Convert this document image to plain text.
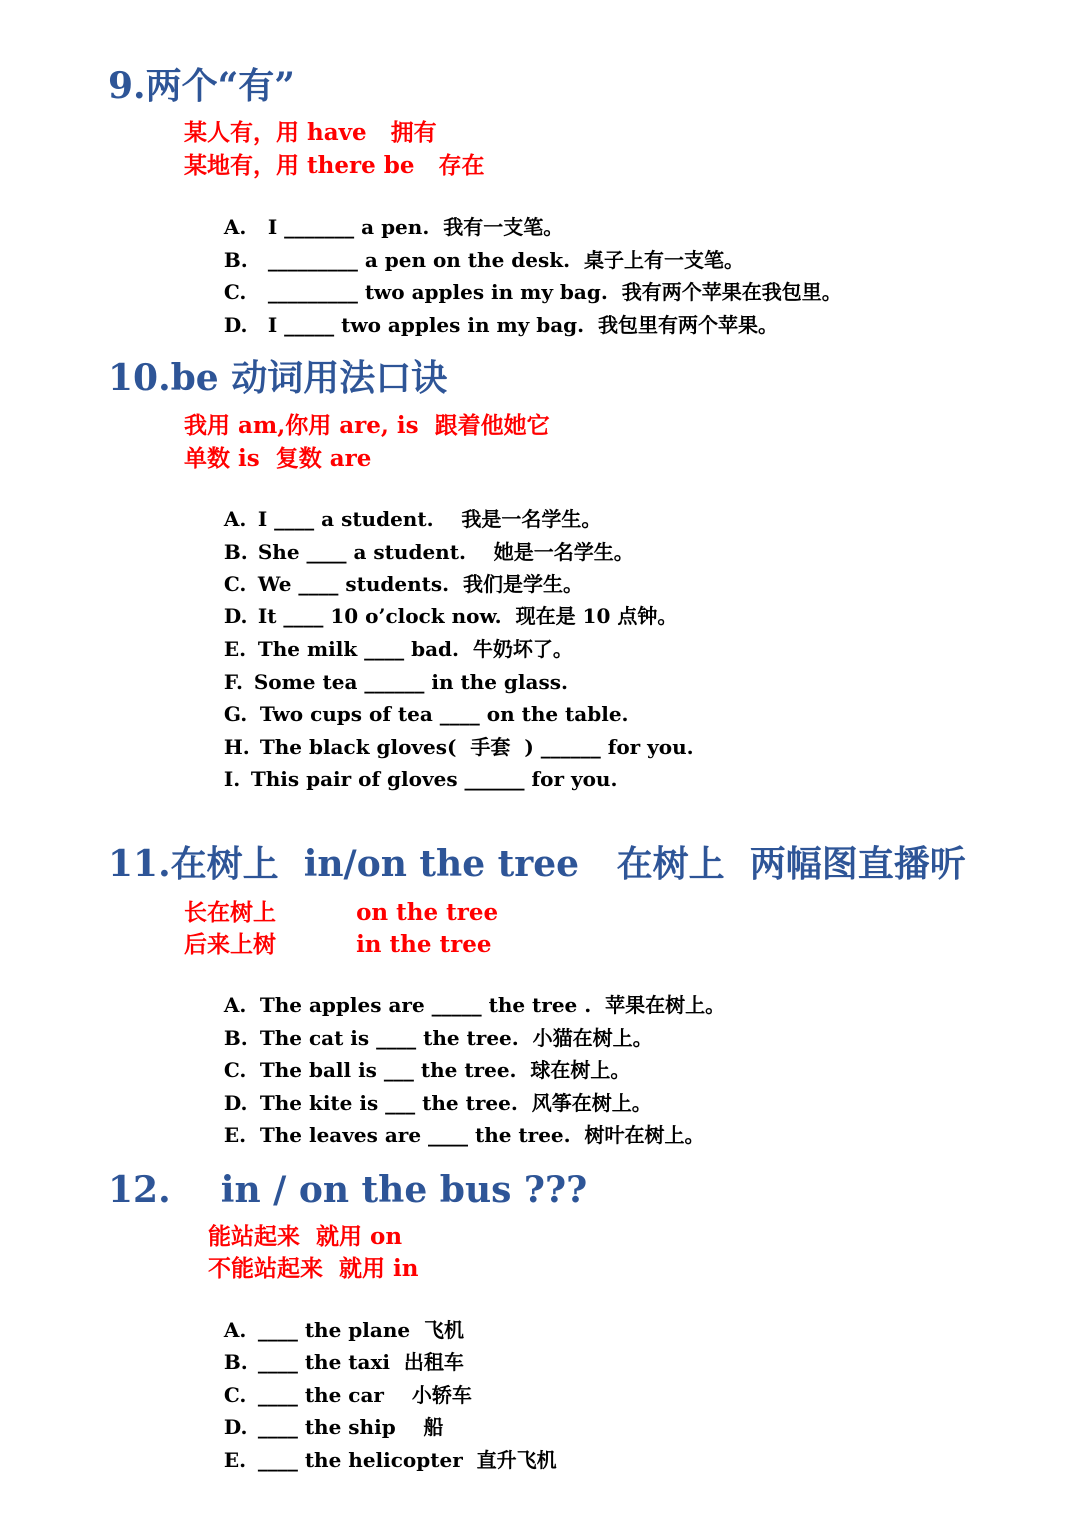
9.两个“有”
某人有，用 have   拥有
某地有，用 there be   存在

A. I _______ a pen.  我有一支笔。

B. _________ a pen on the desk.  桌子上有一支笔。

C. _________ two apples in my bag.  我有两个苹果在我包里。

D. I _____ two apples in my bag.  我包里有两个苹果。

10.be 动词用法口诀
我用 am,你用 are, is  跟着他她它
单数 is  复数 are

A. I ____ a student.    我是一名学生。

B. She ____ a student.    她是一名学生。

C. We ____ students.  我们是学生。

D. It ____ 10 o’clock now.  现在是 10 点钟。

E. The milk ____ bad.  牛奶坏了。

F. Some tea ______ in the glass.

G. Two cups of tea ____ on the table.

H. The black gloves(  手套  ) ______ for you.

I. This pair of gloves ______ for you.

11.在树上  in/on the tree   在树上  两幅图直播听
长在树上          on the tree
后来上树          in the tree

A. The apples are _____ the tree .  苹果在树上。

B. The cat is ____ the tree.  小猫在树上。

C. The ball is ___ the tree.  球在树上。

D. The kite is ___ the tree.  风筝在树上。

E. The leaves are ____ the tree.  树叶在树上。

12.    in / on the bus ???
能站起来  就用 on
不能站起来  就用 in

A. ____ the plane  飞机

B. ____ the taxi  出租车

C. ____ the car    小轿车

D. ____ the ship    船

E. ____ the helicopter  直升飞机
